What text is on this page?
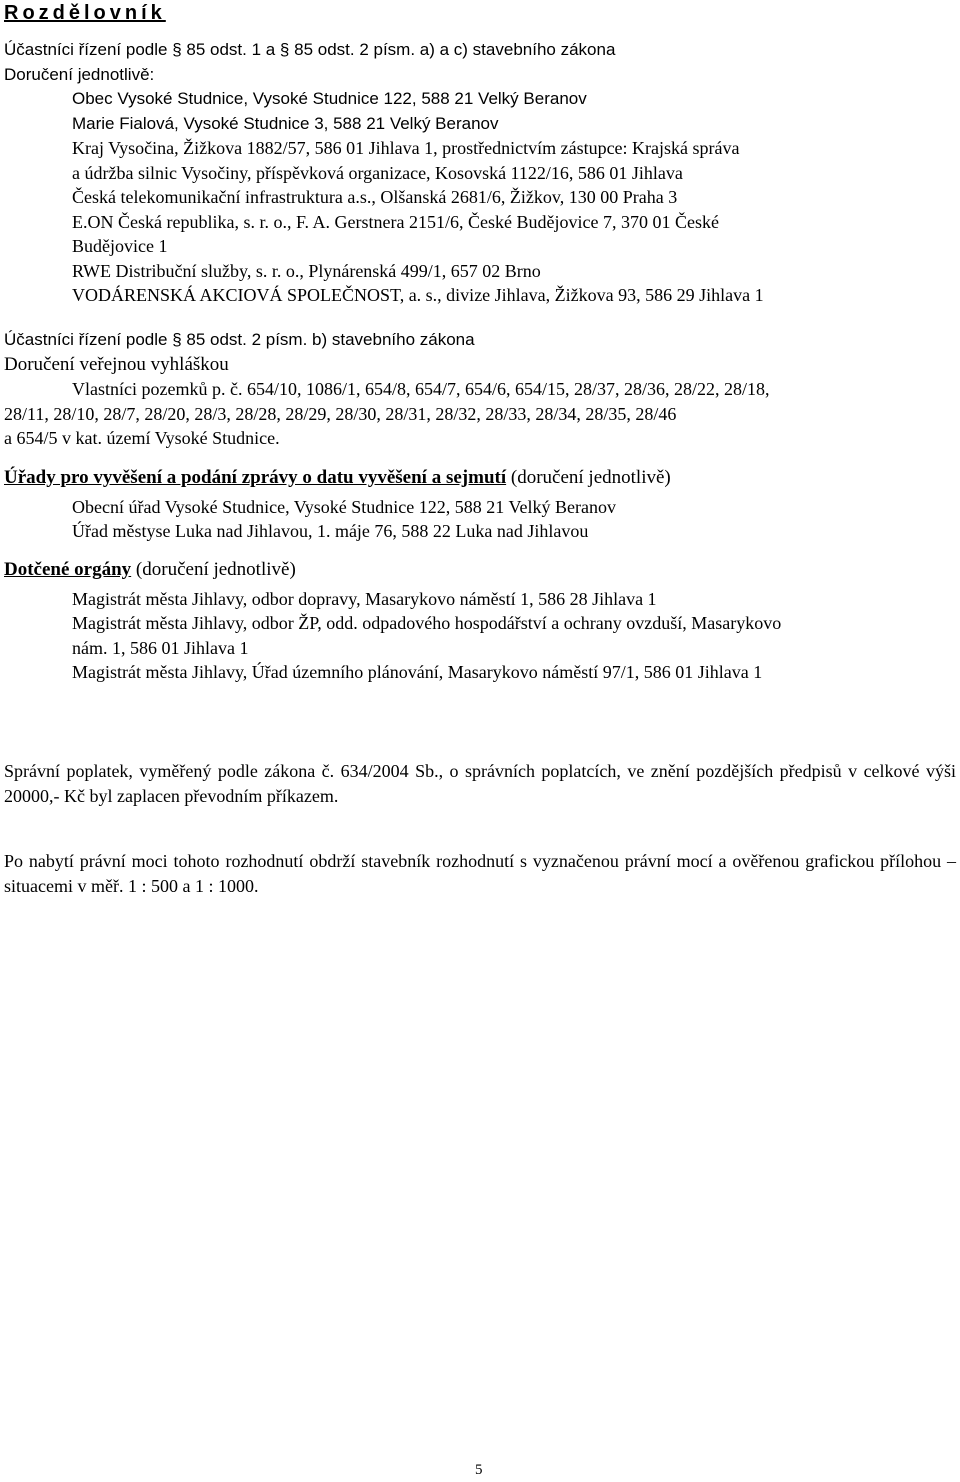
Rozdělovník
Účastníci řízení podle § 85 odst. 1 a § 85 odst. 2 písm. a) a c) stavebního zákona
Doručení jednotlivě:
Obec Vysoké Studnice, Vysoké Studnice 122, 588 21 Velký Beranov
Marie Fialová, Vysoké Studnice 3, 588 21 Velký Beranov
Kraj Vysočina, Žižkova 1882/57, 586 01 Jihlava 1, prostřednictvím zástupce: Krajská správa
a údržba silnic Vysočiny, příspěvková organizace, Kosovská 1122/16, 586 01 Jihlava
Česká telekomunikační infrastruktura a.s., Olšanská 2681/6, Žižkov, 130 00 Praha 3
E.ON Česká republika, s. r. o., F. A. Gerstnera 2151/6, České Budějovice 7, 370 01 České
Budějovice 1
RWE Distribuční služby, s. r. o., Plynárenská 499/1, 657 02 Brno
VODÁRENSKÁ AKCIOVÁ SPOLEČNOST, a. s., divize Jihlava, Žižkova 93, 586 29 Jihlava 1
Účastníci řízení podle § 85 odst. 2 písm. b) stavebního zákona
Doručení veřejnou vyhláškou
Vlastníci pozemků p. č. 654/10, 1086/1, 654/8, 654/7, 654/6, 654/15, 28/37, 28/36, 28/22, 28/18,
28/11, 28/10, 28/7, 28/20, 28/3, 28/28, 28/29, 28/30, 28/31, 28/32, 28/33, 28/34, 28/35, 28/46
a 654/5 v kat. území Vysoké Studnice.
Úřady pro vyvěšení a podání zprávy o datu vyvěšení a sejmutí (doručení jednotlivě)
Obecní úřad Vysoké Studnice, Vysoké Studnice 122, 588 21 Velký Beranov
Úřad městyse Luka nad Jihlavou, 1. máje 76, 588 22 Luka nad Jihlavou
Dotčené orgány (doručení jednotlivě)
Magistrát města Jihlavy, odbor dopravy, Masarykovo náměstí 1, 586 28 Jihlava 1
Magistrát města Jihlavy, odbor ŽP, odd. odpadového hospodářství a ochrany ovzduší, Masarykovo
nám. 1, 586 01 Jihlava 1
Magistrát města Jihlavy, Úřad územního plánování, Masarykovo náměstí 97/1, 586 01 Jihlava 1
Správní poplatek, vyměřený podle zákona č. 634/2004 Sb., o správních poplatcích, ve znění pozdějších předpisů v celkové výši 20000,- Kč byl zaplacen převodním příkazem.
Po nabytí právní moci tohoto rozhodnutí obdrží stavebník rozhodnutí s vyznačenou právní mocí a ověřenou grafickou přílohou – situacemi v měř. 1 : 500 a 1 : 1000.
5
